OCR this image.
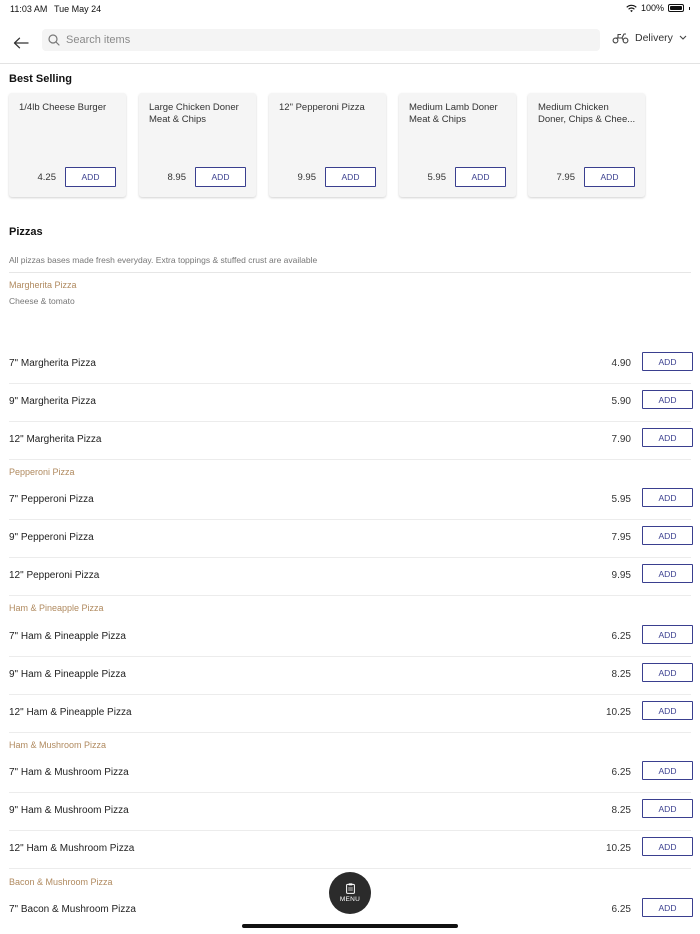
11:03 AM Tue May 24	100%
Search items
Delivery
Best Selling
1/4lb Cheese Burger
4.25	ADD
Large Chicken Doner Meat & Chips
8.95	ADD
12" Pepperoni Pizza
9.95	ADD
Medium Lamb Doner Meat & Chips
5.95	ADD
Medium Chicken Doner, Chips & Chee...
7.95	ADD
Pizzas
All pizzas bases made fresh everyday. Extra toppings & stuffed crust are available
Margherita Pizza
Cheese & tomato
7" Margherita Pizza	4.90	ADD
9" Margherita Pizza	5.90	ADD
12" Margherita Pizza	7.90	ADD
Pepperoni Pizza
7" Pepperoni Pizza	5.95	ADD
9" Pepperoni Pizza	7.95	ADD
12" Pepperoni Pizza	9.95	ADD
Ham & Pineapple Pizza
7" Ham & Pineapple Pizza	6.25	ADD
9" Ham & Pineapple Pizza	8.25	ADD
12" Ham & Pineapple Pizza	10.25	ADD
Ham & Mushroom Pizza
7" Ham & Mushroom Pizza	6.25	ADD
9" Ham & Mushroom Pizza	8.25	ADD
12" Ham & Mushroom Pizza	10.25	ADD
Bacon & Mushroom Pizza
7" Bacon & Mushroom Pizza	6.25	ADD
MENU
